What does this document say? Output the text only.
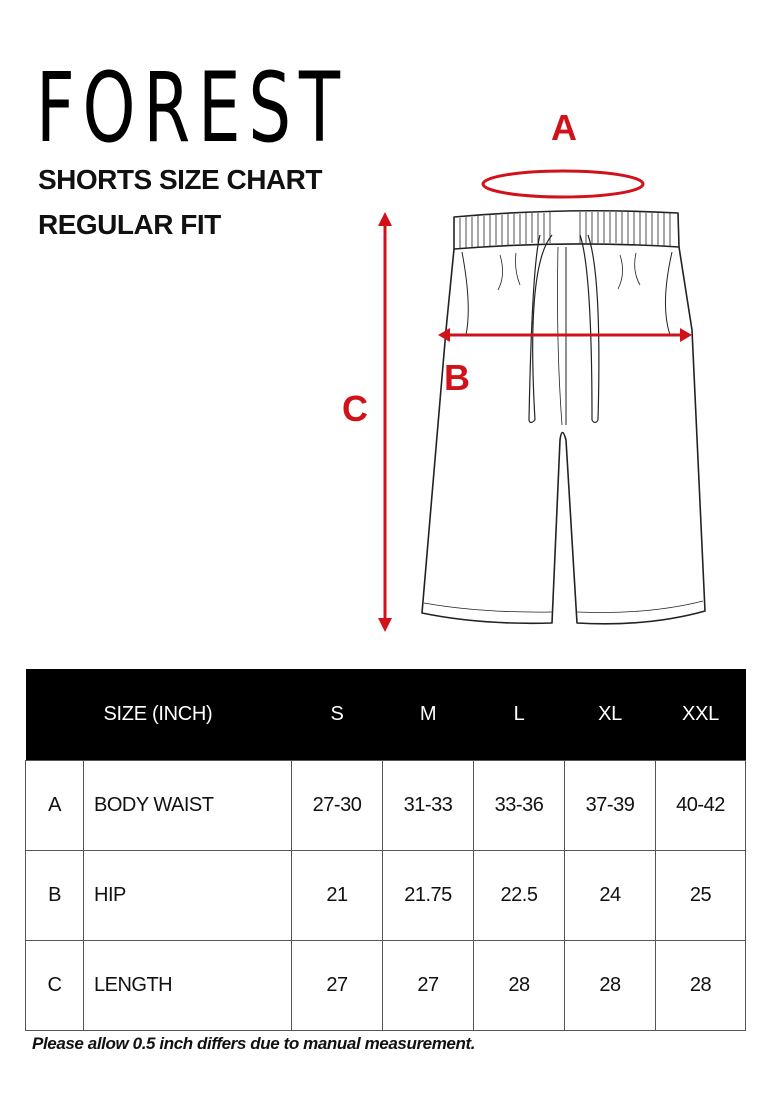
FOREST
SHORTS SIZE CHART
REGULAR FIT
A
B
C
	SIZE (INCH)	S	M	L	XL	XXL
A	BODY WAIST	27-30	31-33	33-36	37-39	40-42
B	HIP	21	21.75	22.5	24	25
C	LENGTH	27	27	28	28	28
Please allow 0.5 inch differs due to manual measurement.
